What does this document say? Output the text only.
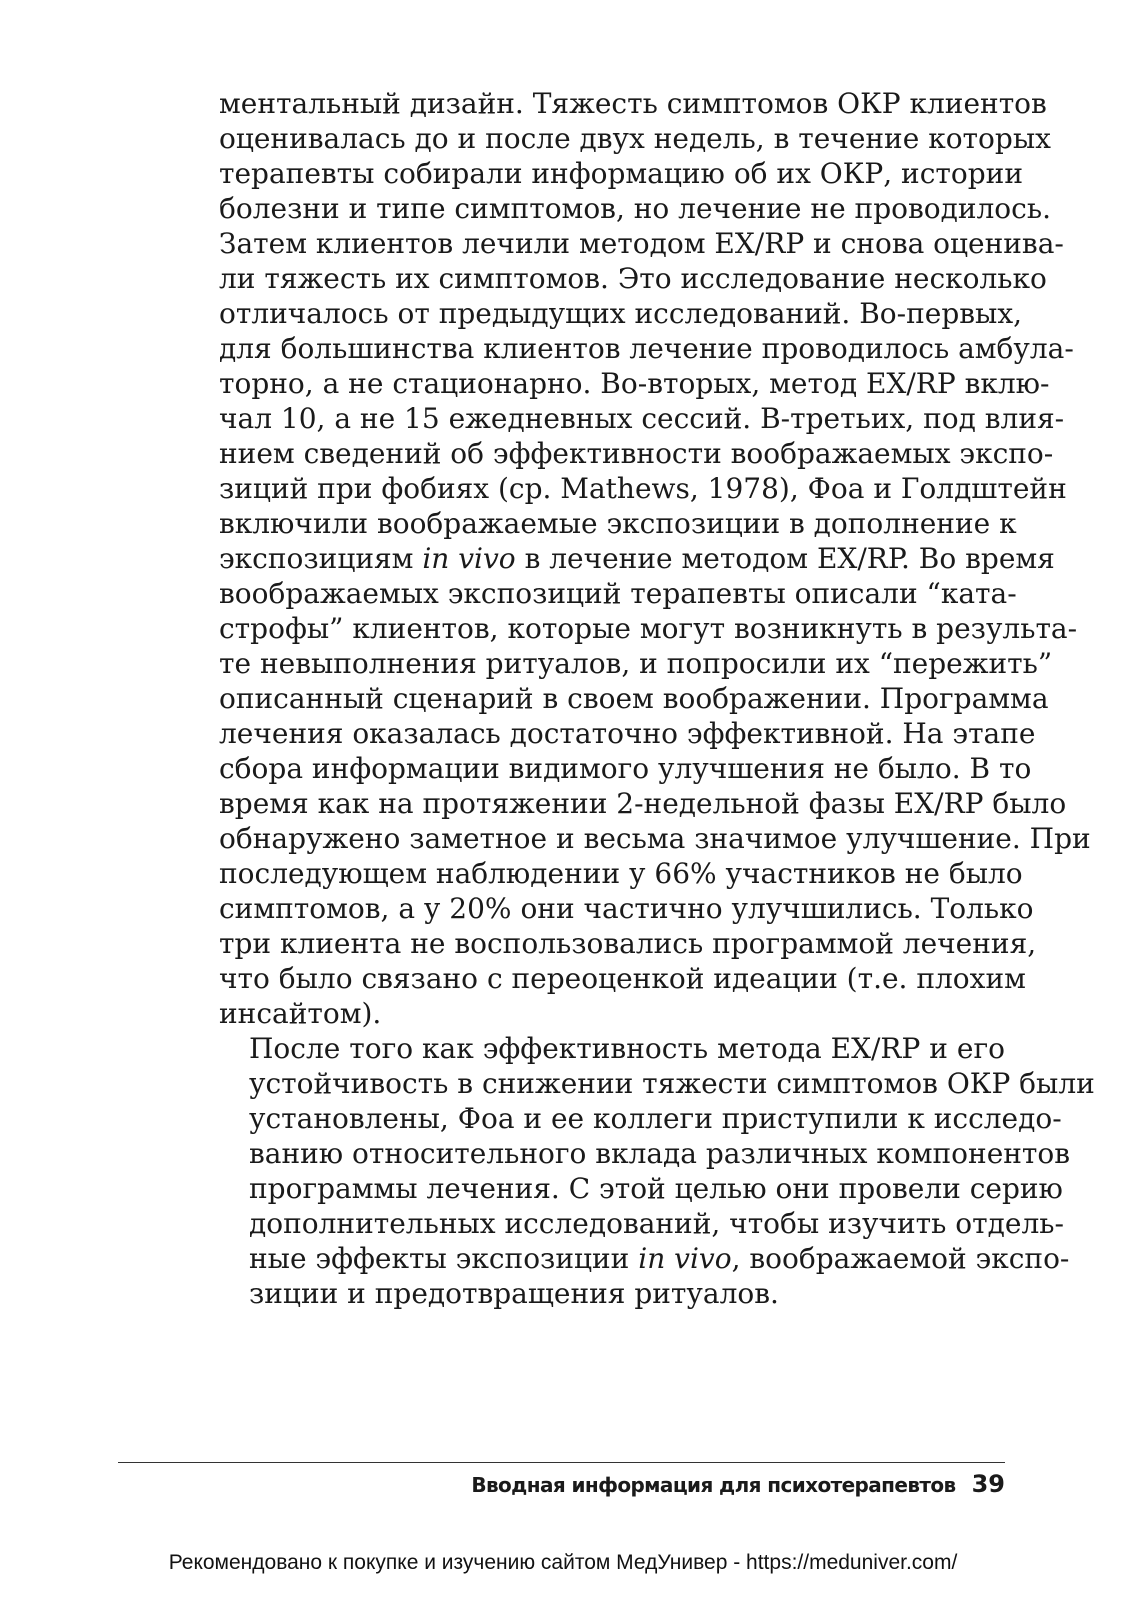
ментальный дизайн. Тяжесть симптомов ОКР клиентов
оценивалась до и после двух недель, в течение которых
терапевты собирали информацию об их ОКР, истории
болезни и типе симптомов, но лечение не проводилось.
Затем клиентов лечили методом EX/RP и снова оценива-
ли тяжесть их симптомов. Это исследование несколько
отличалось от предыдущих исследований. Во-первых,
для большинства клиентов лечение проводилось амбула-
торно, а не стационарно. Во-вторых, метод EX/RP вклю-
чал 10, а не 15 ежедневных сессий. В-третьих, под влия-
нием сведений об эффективности воображаемых экспо-
зиций при фобиях (ср. Mathews, 1978), Фоа и Голдштейн
включили воображаемые экспозиции в дополнение к
экспозициям in vivo в лечение методом EX/RP. Во время
воображаемых экспозиций терапевты описали “ката-
строфы” клиентов, которые могут возникнуть в результа-
те невыполнения ритуалов, и попросили их “пережить”
описанный сценарий в своем воображении. Программа
лечения оказалась достаточно эффективной. На этапе
сбора информации видимого улучшения не было. В то
время как на протяжении 2-недельной фазы EX/RP было
обнаружено заметное и весьма значимое улучшение. При
последующем наблюдении у 66% участников не было
симптомов, а у 20% они частично улучшились. Только
три клиента не воспользовались программой лечения,
что было связано с переоценкой идеации (т.е. плохим
инсайтом).

После того как эффективность метода EX/RP и его
устойчивость в снижении тяжести симптомов ОКР были
установлены, Фоа и ее коллеги приступили к исследо-
ванию относительного вклада различных компонентов
программы лечения. С этой целью они провели серию
дополнительных исследований, чтобы изучить отдель-
ные эффекты экспозиции in vivo, воображаемой экспо-
зиции и предотвращения ритуалов.

Вводная информация для психотерапевтов 39
Рекомендовано к покупке и изучению сайтом МедУнивер - https://meduniver.com/
